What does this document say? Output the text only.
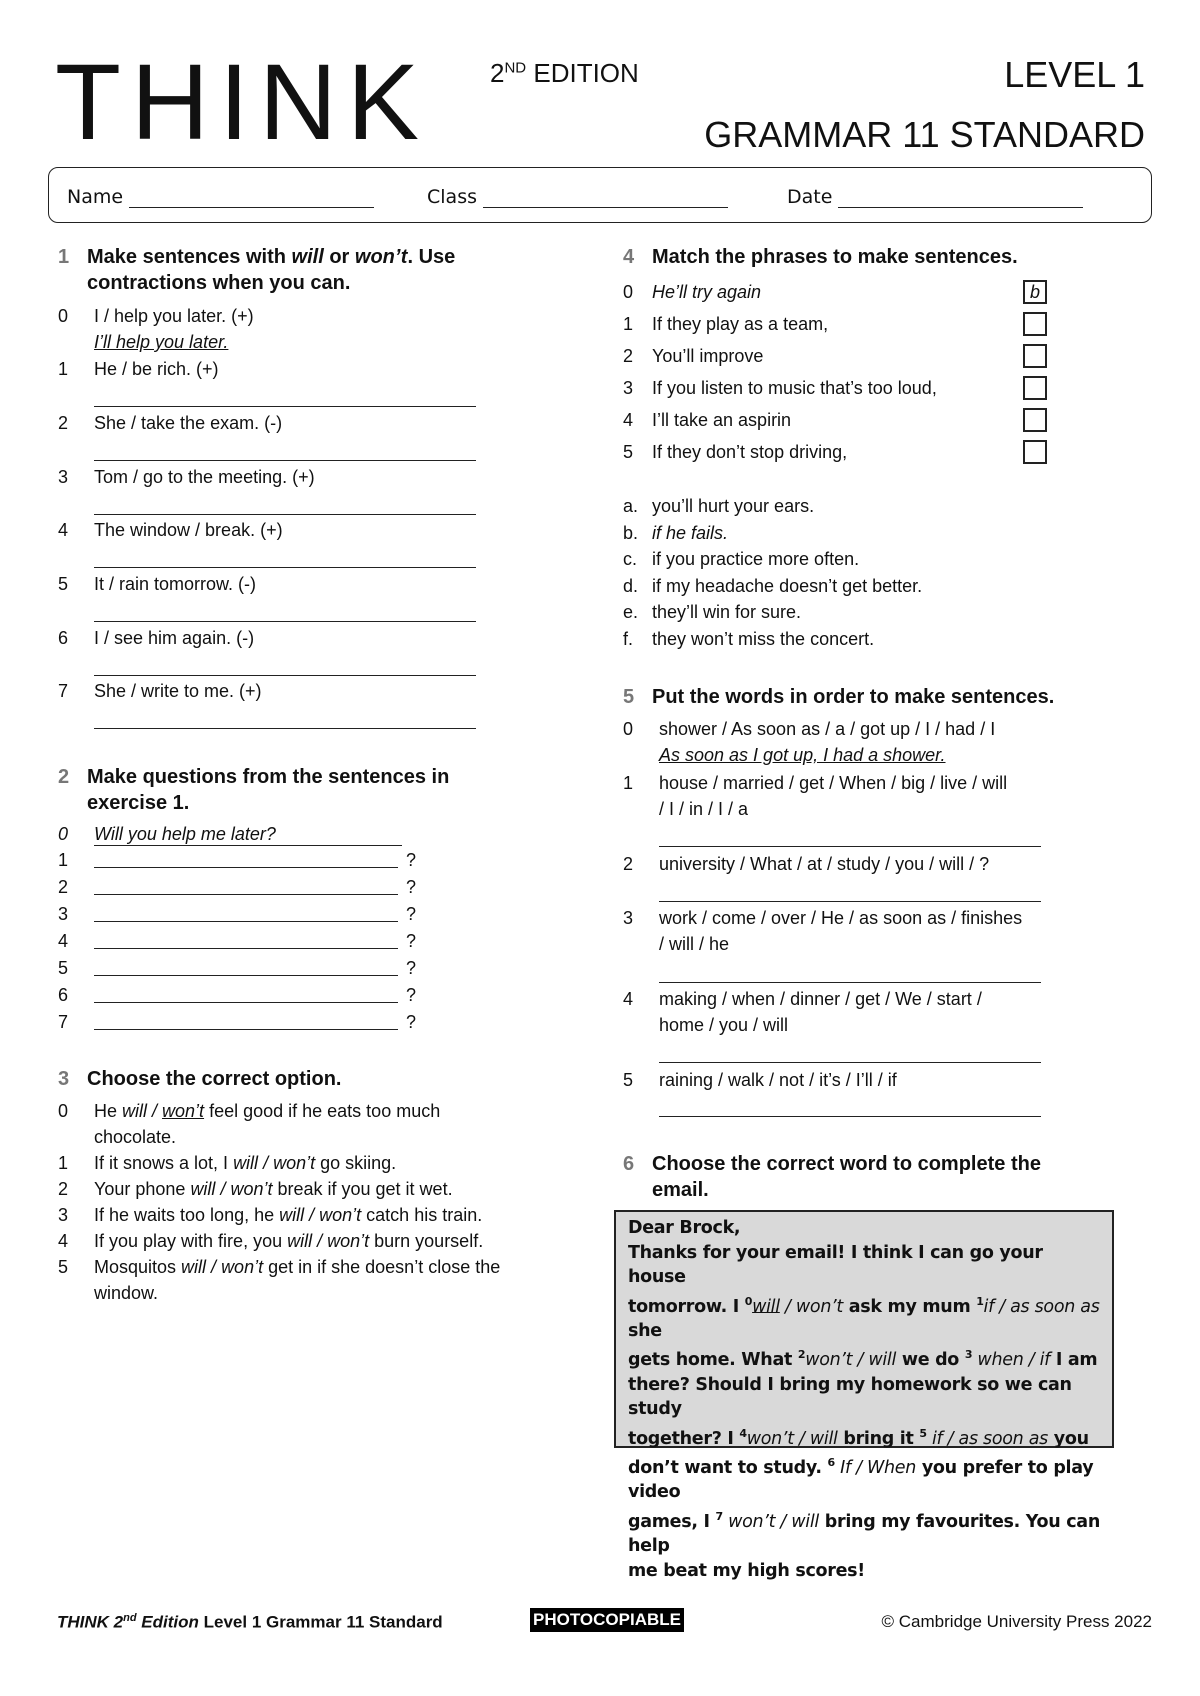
THINK 2ND EDITION	LEVEL 1
GRAMMAR 11 STANDARD
Name	Class	Date
1 Make sentences with will or won’t. Use
contractions when you can.
0 I / help you later. (+)
I’ll help you later.
1 He / be rich. (+)
2 She / take the exam. (-)
3 Tom / go to the meeting. (+)
4 The window / break. (+)
5 It / rain tomorrow. (-)
6 I / see him again. (-)
7 She / write to me. (+)
2 Make questions from the sentences in
exercise 1.
0 Will you help me later?
1	?
2	?
3	?
4	?
5	?
6	?
7	?
3 Choose the correct option.
0 He will / won’t feel good if he eats too much
chocolate.
1 If it snows a lot, I will / won’t go skiing.
2 Your phone will / won’t break if you get it wet.
3 If he waits too long, he will / won’t catch his train.
4 If you play with fire, you will / won’t burn yourself.
5 Mosquitos will / won’t get in if she doesn’t close the
window.
4 Match the phrases to make sentences.
0 He’ll try again	b
1 If they play as a team,
2 You’ll improve
3 If you listen to music that’s too loud,
4 I’ll take an aspirin
5 If they don’t stop driving,
a. you’ll hurt your ears.
b. if he fails.
c. if you practice more often.
d. if my headache doesn’t get better.
e. they’ll win for sure.
f. they won’t miss the concert.
5 Put the words in order to make sentences.
0 shower / As soon as / a / got up / I / had / I
As soon as I got up, I had a shower.
1 house / married / get / When / big / live / will
/ I / in / I / a
2 university / What / at / study / you / will / ?
3 work / come / over / He / as soon as / finishes
/ will / he
4 making / when / dinner / get / We / start /
home / you / will
5 raining / walk / not / it’s / I’ll / if
6 Choose the correct word to complete the
email.
Dear Brock,
Thanks for your email! I think I can go your house
tomorrow. I $^0$will / won’t ask my mum $^1$if / as soon as she
gets home. What $^2$won’t / will we do $^3$ when / if I am
there? Should I bring my homework so we can study
together? I $^4$won’t / will bring it $^5$ if / as soon as you
don’t want to study. $^6$ If / When you prefer to play video
games, I $^7$ won’t / will bring my favourites. You can help
me beat my high scores!
THINK 2nd Edition Level 1 Grammar 11 Standard	PHOTOCOPIABLE	© Cambridge University Press 2022
